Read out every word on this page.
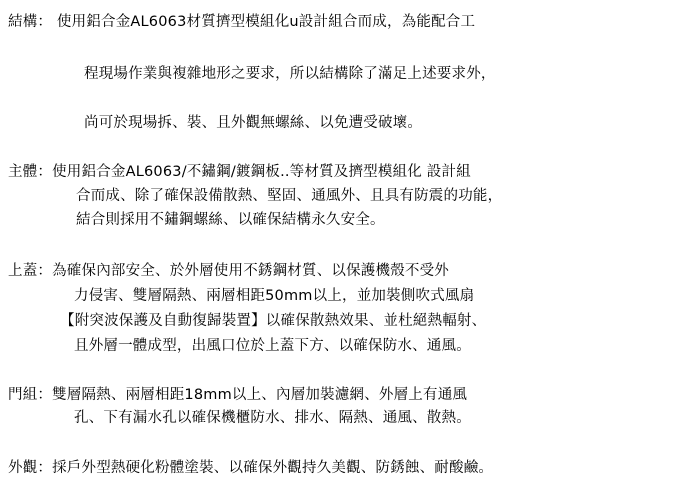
結構： 使用鋁合金AL6063材質擠型模組化u設計組合而成，為能配合工
程現場作業與複雜地形之要求，所以結構除了滿足上述要求外，
尚可於現場拆、裝、且外觀無螺絲、以免遭受破壞。
主體：使用鋁合金AL6063/不鏽鋼/鍍鋼板..等材質及擠型模組化 設計組
合而成、除了確保設備散熱、堅固、通風外、且具有防震的功能，
結合則採用不鏽鋼螺絲、以確保結構永久安全。
上蓋：為確保內部安全、於外層使用不銹鋼材質、以保護機殼不受外
力侵害、雙層隔熱、兩層相距50mm以上，並加裝側吹式風扇
【附突波保護及自動復歸裝置】以確保散熱效果、並杜絕熱輻射、
且外層一體成型，出風口位於上蓋下方、以確保防水、通風。
門組：雙層隔熱、兩層相距18mm以上、內層加裝濾網、外層上有通風
孔、下有漏水孔以確保機櫃防水、排水、隔熱、通風、散熱。
外觀：採戶外型熱硬化粉體塗裝、以確保外觀持久美觀、防銹蝕、耐酸鹼。
